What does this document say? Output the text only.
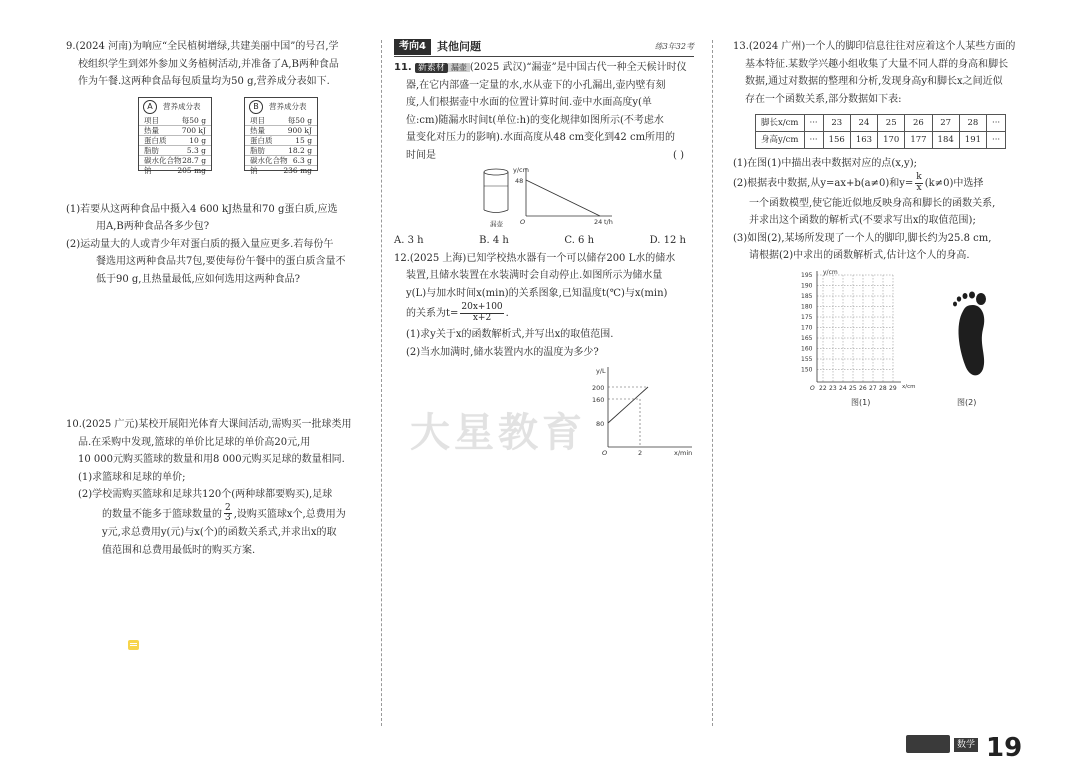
9.(2024 河南)为响应“全民植树增绿,共建美丽中国”的号召,学

校组织学生到郊外参加义务植树活动,并准备了A,B两种食品

作为午餐.这两种食品每包质量均为50 g,营养成分表如下.

A	营养成分表
项目	每50 g
热量	700 kJ
蛋白质	10 g
脂肪	5.3 g
碳水化合物 28.7 g
钠	205 mg
B	营养成分表
项目	每50 g
热量	900 kJ
蛋白质	15 g
脂肪	18.2 g
碳水化合物 6.3 g
钠	236 mg

(1)若要从这两种食品中摄入4 600 kJ热量和70 g蛋白质,应选

用A,B两种食品各多少包?

(2)运动量大的人或青少年对蛋白质的摄入量应更多.若每份午

餐选用这两种食品共7包,要使每份午餐中的蛋白质含量不

低于90 g,且热量最低,应如何选用这两种食品?

10.(2025 广元)某校开展阳光体育大课间活动,需购买一批球类用

品.在采购中发现,篮球的单价比足球的单价高20元,用

10 000元购买篮球的数量和用8 000元购买足球的数量相同.

(1)求篮球和足球的单价;

(2)学校需购买篮球和足球共120个(两种球都要购买),足球

的数量不能多于篮球数量的 $\frac{2}{3}$ ,设购买篮球x个,总费用为

y元,求总费用y(元)与x(个)的函数关系式,并求出x的取

值范围和总费用最低时的购买方案.

考向4	其他问题	练3年32考

11. 新素材 漏壶 (2025 武汉)“漏壶”是中国古代一种全天候计时仪

器,在它内部盛一定量的水,水从壶下的小孔漏出,壶内壁有刻

度,人们根据壶中水面的位置计算时间.壶中水面高度y(单

位:cm)随漏水时间t(单位:h)的变化规律如图所示(不考虑水

量变化对压力的影响).水面高度从48 cm变化到42 cm所用的

时间是	( )

漏壶
y/cm
48
O	24 t/h
A. 3 h	B. 4 h	C. 6 h	D. 12 h

12.(2025 上海)已知学校热水器有一个可以储存200 L水的储水

装置,且储水装置在水装满时会自动停止.如图所示为储水量

y(L)与加水时间x(min)的关系图象,已知温度t(℃)与x(min)

的关系为$t= \frac{20x+100}{x+2}$ .

(1)求y关于x的函数解析式,并写出x的取值范围.

(2)当水加满时,储水装置内水的温度为多少?

y/L
200
160
80
O	2	x/min
大星教育

13.(2024 广州)一个人的脚印信息往往对应着这个人某些方面的

基本特征.某数学兴趣小组收集了大量不同人群的身高和脚长

数据,通过对数据的整理和分析,发现身高y和脚长x之间近似

存在一个函数关系,部分数据如下表:

脚长x/cm	···	23	24	25	26	27	28	···
身高y/cm	···	156	163	170	177	184	191	···

(1)在图(1)中描出表中数据对应的点(x,y);

(2)根据表中数据,从y=ax+b(a≠0)和$y= \frac{k}{x} (k\ne 0)$中选择

一个函数模型,使它能近似地反映身高和脚长的函数关系,

并求出这个函数的解析式(不要求写出x的取值范围);

(3)如图(2),某场所发现了一个人的脚印,脚长约为25.8 cm,

请根据(2)中求出的函数解析式,估计这个人的身高.

195
190
185
180
175
170
165
160
155
150
22 23 24 25 26 27 28 29
y/cm
O	x/cm
图(1)	图(2)
数学 19
